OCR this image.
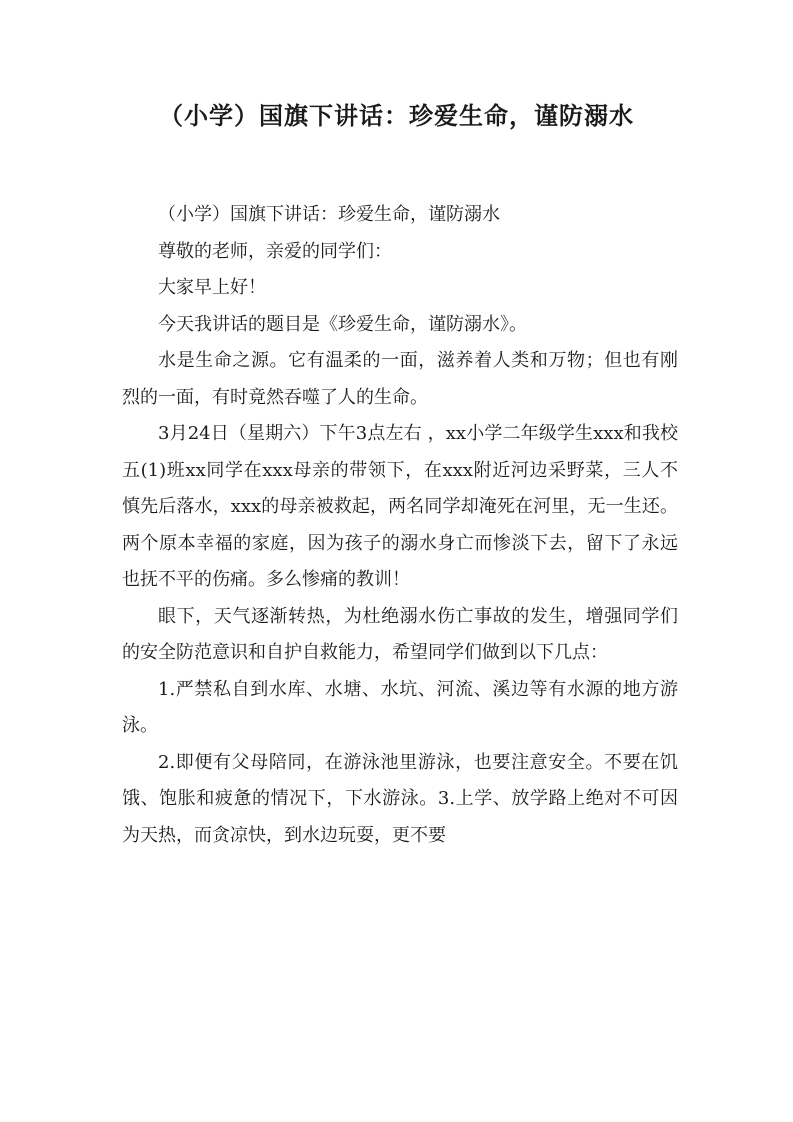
（小学）国旗下讲话：珍爱生命，谨防溺水

（小学）国旗下讲话：珍爱生命，谨防溺水

尊敬的老师，亲爱的同学们：

大家早上好！

今天我讲话的题目是《珍爱生命，谨防溺水》。

水是生命之源。它有温柔的一面，滋养着人类和万物；但也有刚烈的一面，有时竟然吞噬了人的生命。

3月24日（星期六）下午3点左右 ，xx小学二年级学生xxx和我校五(1)班xx同学在xxx母亲的带领下，在xxx附近河边采野菜，三人不慎先后落水，xxx的母亲被救起，两名同学却淹死在河里，无一生还。两个原本幸福的家庭，因为孩子的溺水身亡而惨淡下去，留下了永远也抚不平的伤痛。多么惨痛的教训！

眼下，天气逐渐转热，为杜绝溺水伤亡事故的发生，增强同学们的安全防范意识和自护自救能力，希望同学们做到以下几点：

1.严禁私自到水库、水塘、水坑、河流、溪边等有水源的地方游泳。

2.即便有父母陪同，在游泳池里游泳，也要注意安全。不要在饥饿、饱胀和疲惫的情况下，下水游泳。3.上学、放学路上绝对不可因为天热，而贪凉快，到水边玩耍，更不要
